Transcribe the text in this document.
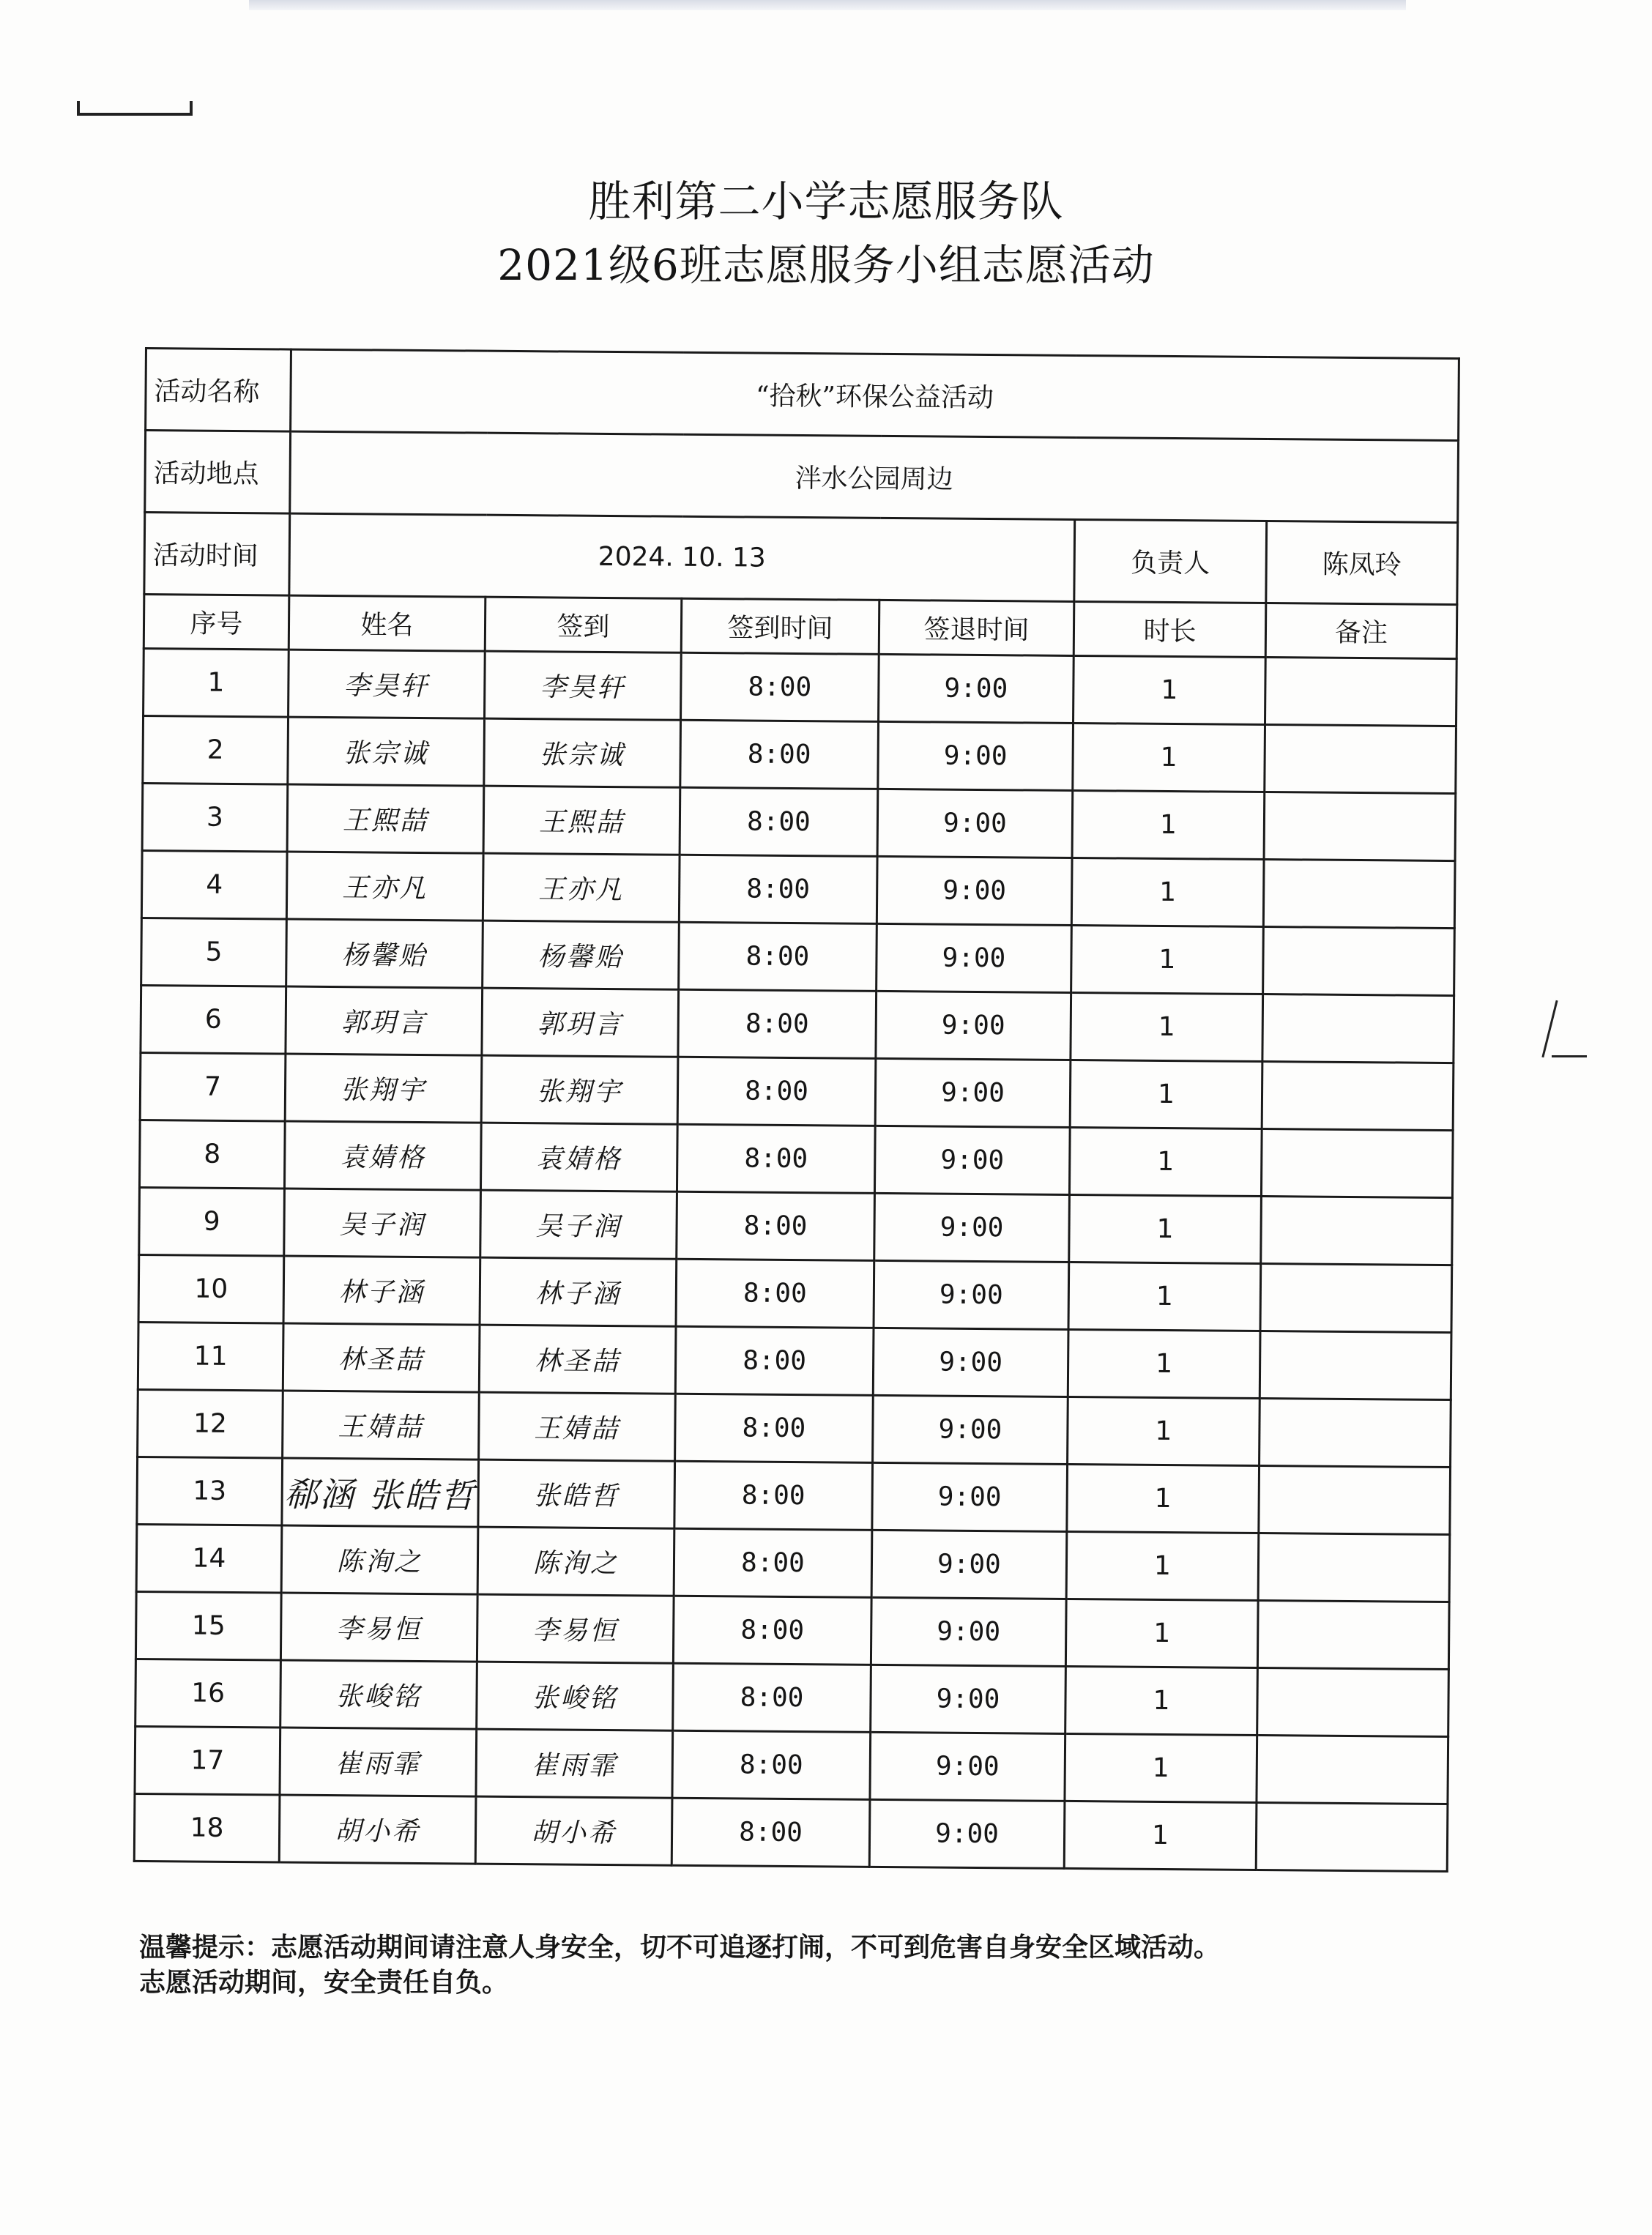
胜利第二小学志愿服务队
2021级6班志愿服务小组志愿活动
活动名称	“拾秋”环保公益活动					
活动地点	泮水公园周边					
活动时间	2024. 10. 13				负责人	陈凤玲
序号	姓名	签到	签到时间	签退时间	时长	备注
1	李昊轩	李昊轩	8:00	9:00	1	
2	张宗诚	张宗诚	8:00	9:00	1	
3	王熙喆	王熙喆	8:00	9:00	1	
4	王亦凡	王亦凡	8:00	9:00	1	
5	杨馨贻	杨馨贻	8:00	9:00	1	
6	郭玥言	郭玥言	8:00	9:00	1	
7	张翔宇	张翔宇	8:00	9:00	1	
8	袁婧格	袁婧格	8:00	9:00	1	
9	吴子润	吴子润	8:00	9:00	1	
10	林子涵	林子涵	8:00	9:00	1	
11	林圣喆	林圣喆	8:00	9:00	1	
12	王婧喆	王婧喆	8:00	9:00	1	
13	郗涵 张皓哲	张皓哲	8:00	9:00	1	
14	陈洵之	陈洵之	8:00	9:00	1	
15	李易恒	李易恒	8:00	9:00	1	
16	张峻铭	张峻铭	8:00	9:00	1	
17	崔雨霏	崔雨霏	8:00	9:00	1	
18	胡小希	胡小希	8:00	9:00	1	
温馨提示：志愿活动期间请注意人身安全，切不可追逐打闹，不可到危害自身安全区域活动。
志愿活动期间，安全责任自负。
